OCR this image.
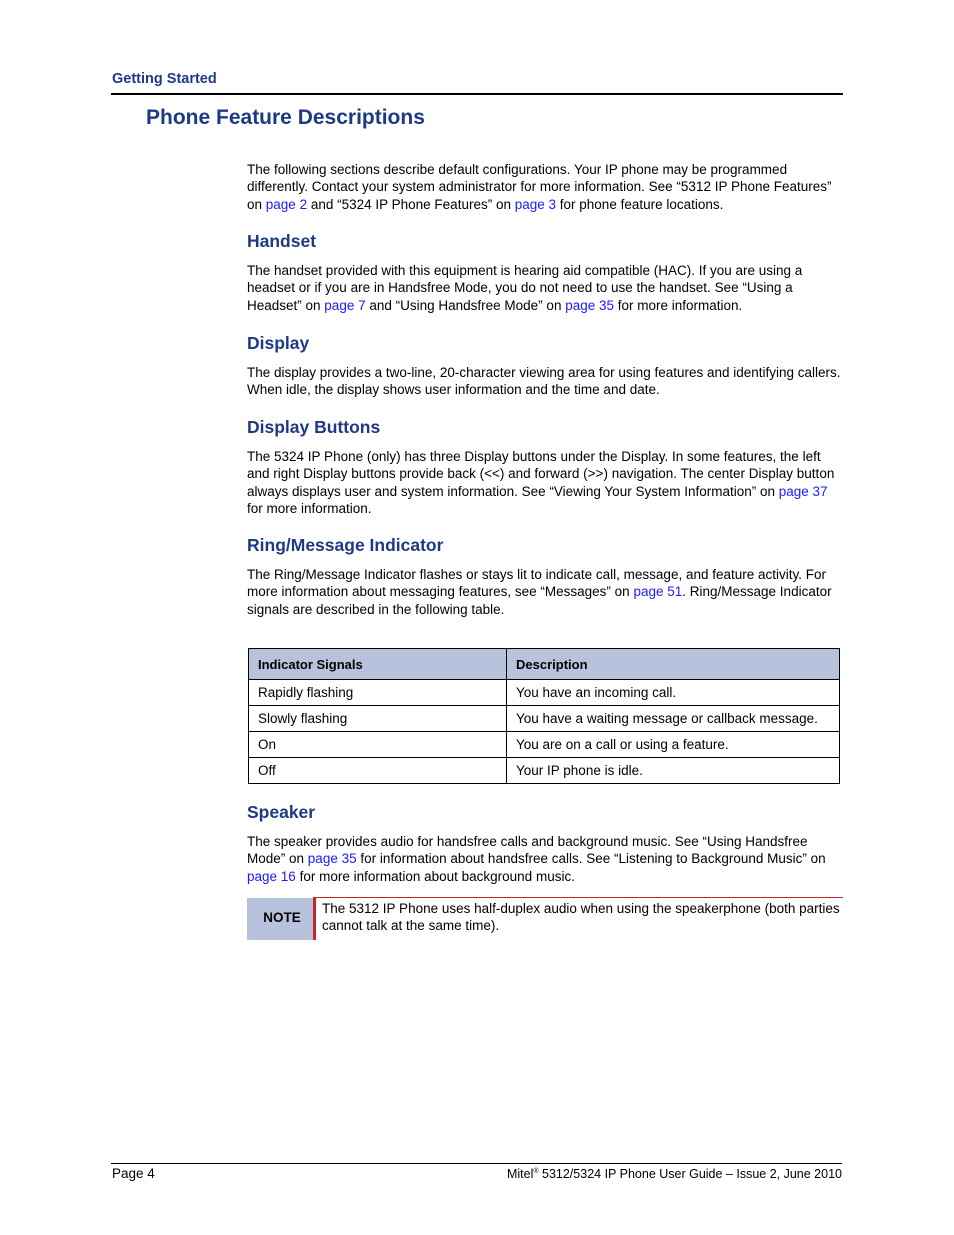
Getting Started
Phone Feature Descriptions

The following sections describe default configurations. Your IP phone may be programmed differently. Contact your system administrator for more information. See “5312 IP Phone Features” on page 2 and “5324 IP Phone Features” on page 3 for phone feature locations.

Handset

The handset provided with this equipment is hearing aid compatible (HAC). If you are using a headset or if you are in Handsfree Mode, you do not need to use the handset. See “Using a Headset” on page 7 and “Using Handsfree Mode” on page 35 for more information.

Display

The display provides a two-line, 20-character viewing area for using features and identifying callers. When idle, the display shows user information and the time and date.

Display Buttons

The 5324 IP Phone (only) has three Display buttons under the Display. In some features, the left and right Display buttons provide back (<<) and forward (>>) navigation. The center Display button always displays user and system information. See “Viewing Your System Information” on page 37 for more information.

Ring/Message Indicator

The Ring/Message Indicator flashes or stays lit to indicate call, message, and feature activity. For more information about messaging features, see “Messages” on page 51. Ring/Message Indicator signals are described in the following table.

Indicator Signals	Description
Rapidly flashing	You have an incoming call.
Slowly flashing	You have a waiting message or callback message.
On	You are on a call or using a feature.
Off	Your IP phone is idle.
Speaker

The speaker provides audio for handsfree calls and background music. See “Using Handsfree Mode” on page 35 for information about handsfree calls. See “Listening to Background Music” on page 16 for more information about background music.

NOTE

The 5312 IP Phone uses half-duplex audio when using the speakerphone (both parties cannot talk at the same time).

Page 4	Mitel® 5312/5324 IP Phone User Guide – Issue 2, June 2010
